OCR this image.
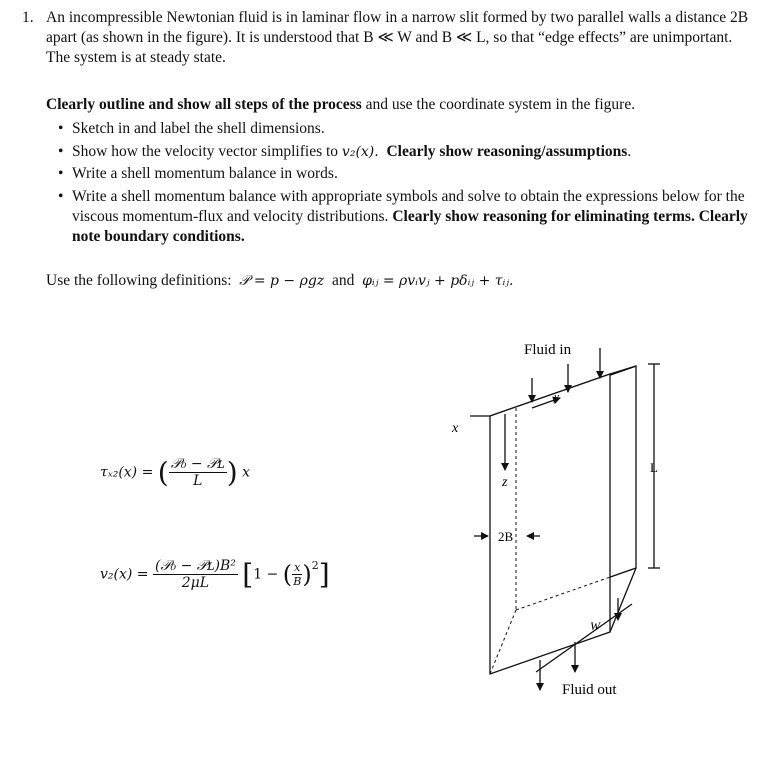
1. An incompressible Newtonian fluid is in laminar flow in a narrow slit formed by two parallel walls a distance 2B apart (as shown in the figure). It is understood that B ≪ W and B ≪ L, so that “edge effects” are unimportant. The system is at steady state.
Clearly outline and show all steps of the process and use the coordinate system in the figure.
• Sketch in and label the shell dimensions.
• Show how the velocity vector simplifies to v₂(x). Clearly show reasoning/assumptions.
• Write a shell momentum balance in words.
• Write a shell momentum balance with appropriate symbols and solve to obtain the expressions below for the viscous momentum-flux and velocity distributions. Clearly show reasoning for eliminating terms. Clearly note boundary conditions.
Use the following definitions: 𝒫 = p − ρgz and φᵢⱼ = ρvᵢvⱼ + pδᵢⱼ + τᵢⱼ.
τₓ₂(x) = ( $\frac{\text{𝒫₀ − 𝒫ʟ}}{L}$ ) x
$v_2(x) = \frac{\text{(𝒫₀ − 𝒫ʟ)B²}}{2\mu L} [1$ − ( $\frac{x}{B} )^2$]
Fluid in
Fluid out
x
y
z
2B
L
W
